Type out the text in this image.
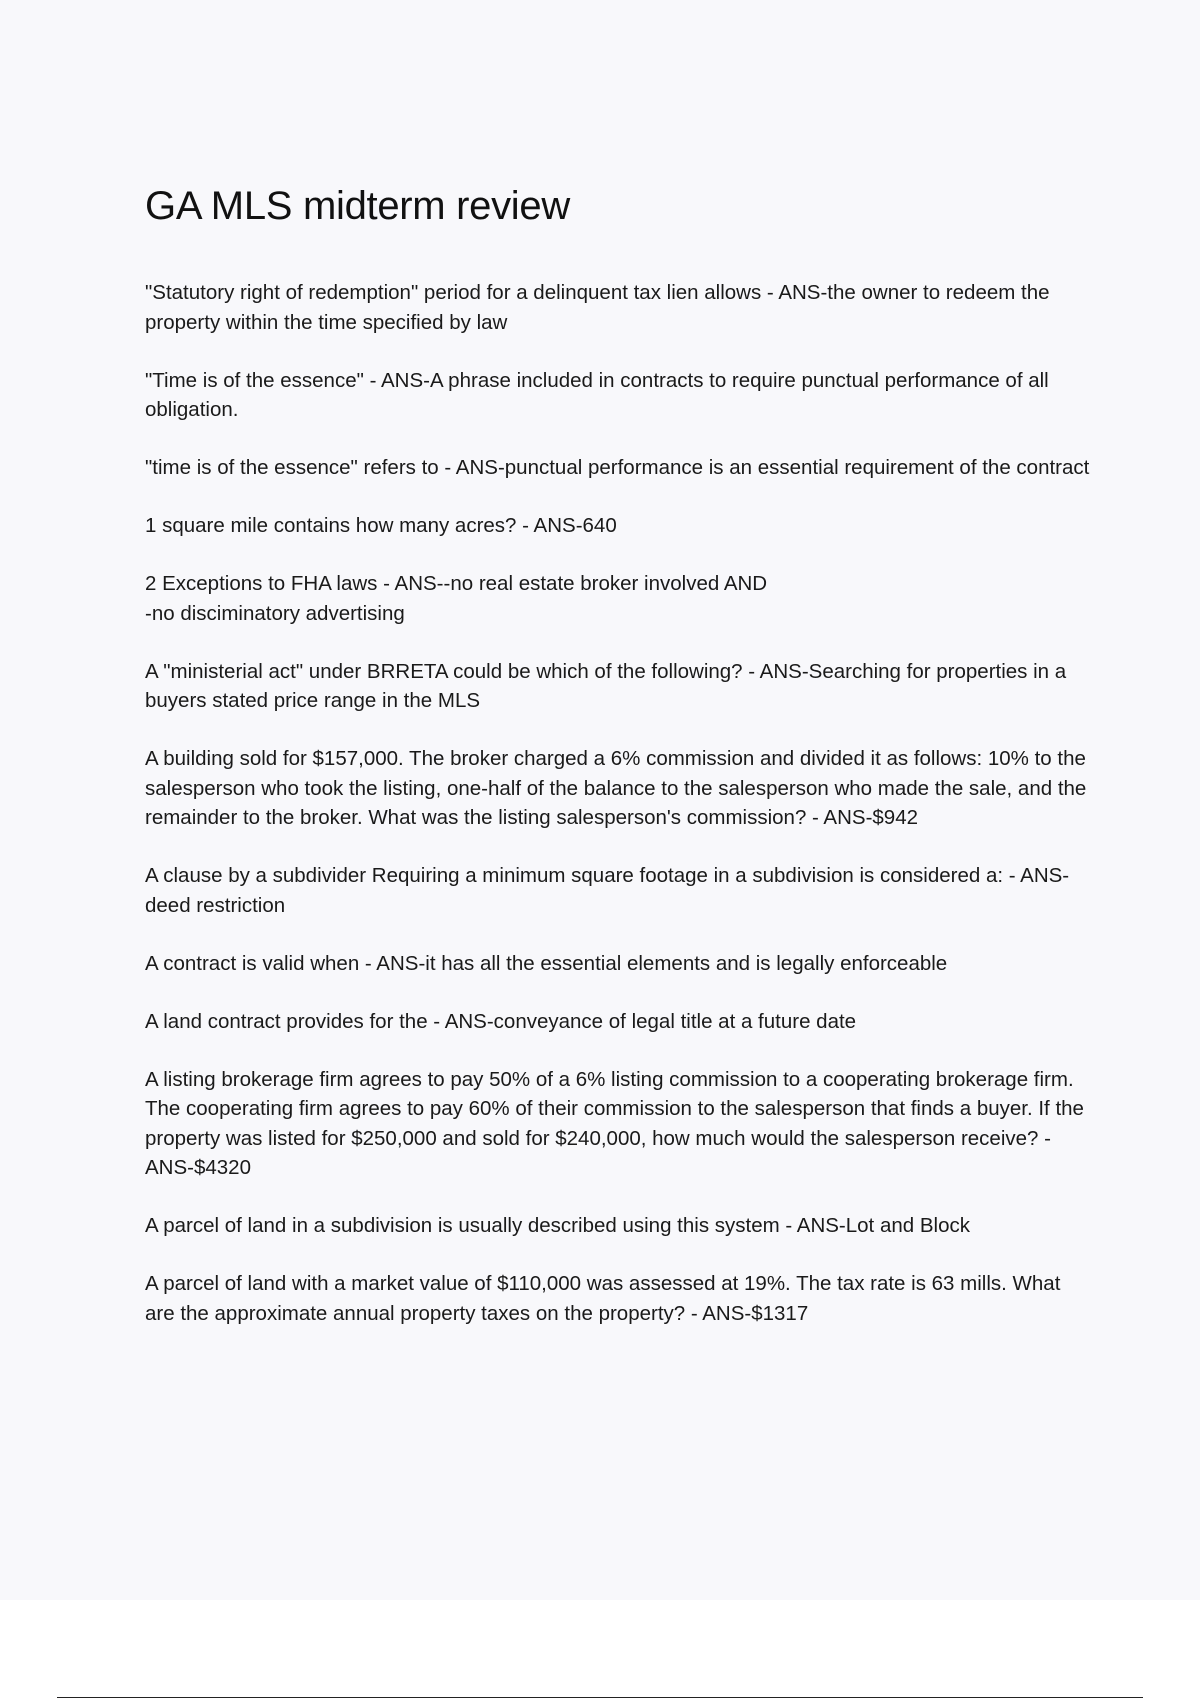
GA MLS midterm review

"Statutory right of redemption" period for a delinquent tax lien allows - ANS-the owner to redeem the property within the time specified by law

"Time is of the essence" - ANS-A phrase included in contracts to require punctual performance of all obligation.

"time is of the essence" refers to - ANS-punctual performance is an essential requirement of the contract

1 square mile contains how many acres? - ANS-640

2 Exceptions to FHA laws - ANS--no real estate broker involved AND
-no disciminatory advertising

A "ministerial act" under BRRETA could be which of the following? - ANS-Searching for properties in a buyers stated price range in the MLS

A building sold for $157,000. The broker charged a 6% commission and divided it as follows: 10% to the salesperson who took the listing, one-half of the balance to the salesperson who made the sale, and the remainder to the broker. What was the listing salesperson's commission? - ANS-$942

A clause by a subdivider Requiring a minimum square footage in a subdivision is considered a: - ANS-deed restriction

A contract is valid when - ANS-it has all the essential elements and is legally enforceable

A land contract provides for the - ANS-conveyance of legal title at a future date

A listing brokerage firm agrees to pay 50% of a 6% listing commission to a cooperating brokerage firm. The cooperating firm agrees to pay 60% of their commission to the salesperson that finds a buyer. If the property was listed for $250,000 and sold for $240,000, how much would the salesperson receive? - ANS-$4320

A parcel of land in a subdivision is usually described using this system - ANS-Lot and Block

A parcel of land with a market value of $110,000 was assessed at 19%. The tax rate is 63 mills. What are the approximate annual property taxes on the property? - ANS-$1317
